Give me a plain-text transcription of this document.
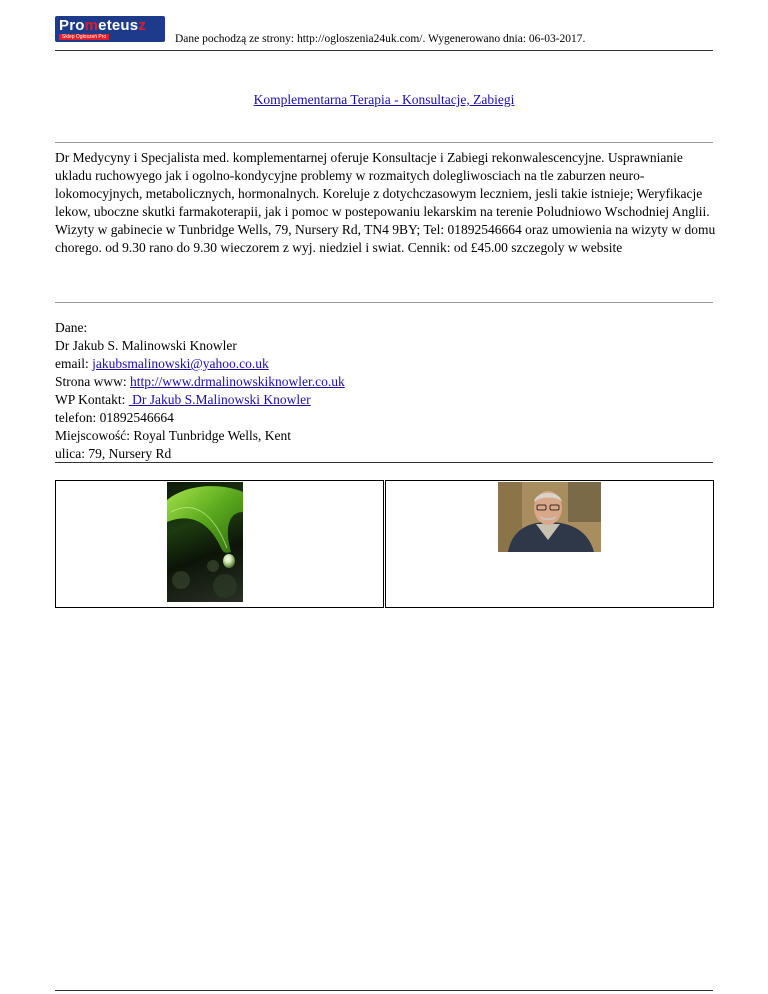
Prometeusz
Sklep Ogłoszeń Pro	Dane pochodzą ze strony: http://ogloszenia24uk.com/. Wygenerowano dnia: 06-03-2017.
Komplementarna Terapia - Konsultacje, Zabiegi

Dr Medycyny i Specjalista med. komplementarnej oferuje Konsultacje i Zabiegi rekonwalescencyjne. Usprawnianie ukladu ruchowyego jak i ogolno-kondycyjne problemy w rozmaitych dolegliwosciach na tle zaburzen neuro-lokomocyjnych, metabolicznych, hormonalnych. Koreluje z dotychczasowym leczniem, jesli takie istnieje; Weryfikacje lekow, uboczne skutki farmakoterapii, jak i pomoc w postepowaniu lekarskim na terenie Poludniowo Wschodniej Anglii. Wizyty w gabinecie w Tunbridge Wells, 79, Nursery Rd, TN4 9BY; Tel: 01892546664 oraz umowienia na wizyty w domu chorego. od 9.30 rano do 9.30 wieczorem z wyj. niedziel i swiat. Cennik: od £45.00 szczegoly w website

Dane:
Dr Jakub S. Malinowski Knowler
email: jakubsmalinowski@yahoo.co.uk
Strona www: http://www.drmalinowskiknowler.co.uk
WP Kontakt:  Dr Jakub S.Malinowski Knowler
telefon: 01892546664
Miejscowość: Royal Tunbridge Wells, Kent
ulica: 79, Nursery Rd
